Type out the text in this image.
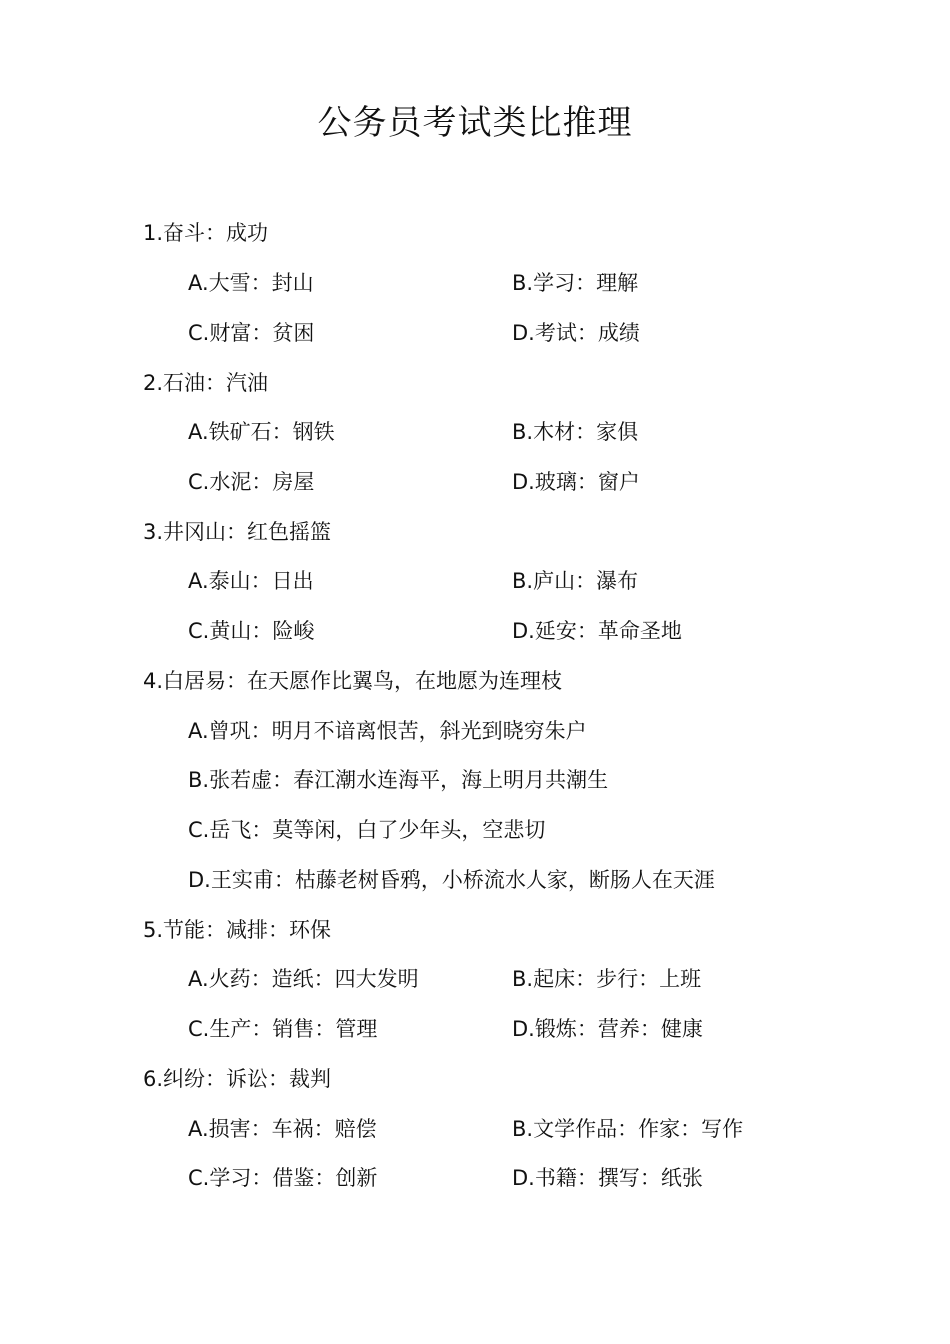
公务员考试类比推理
1.奋斗：成功
A.大雪：封山	B.学习：理解
C.财富：贫困	D.考试：成绩
2.石油：汽油
A.铁矿石：钢铁	B.木材：家俱
C.水泥：房屋	D.玻璃：窗户
3.井冈山：红色摇篮
A.泰山：日出	B.庐山：瀑布
C.黄山：险峻	D.延安：革命圣地
4.白居易：在天愿作比翼鸟，在地愿为连理枝
A.曾巩：明月不谙离恨苦，斜光到晓穷朱户
B.张若虚：春江潮水连海平，海上明月共潮生
C.岳飞：莫等闲，白了少年头，空悲切
D.王实甫：枯藤老树昏鸦，小桥流水人家，断肠人在天涯
5.节能：减排：环保
A.火药：造纸：四大发明	B.起床：步行：上班
C.生产：销售：管理	D.锻炼：营养：健康
6.纠纷：诉讼：裁判
A.损害：车祸：赔偿	B.文学作品：作家：写作
C.学习：借鉴：创新	D.书籍：撰写：纸张
